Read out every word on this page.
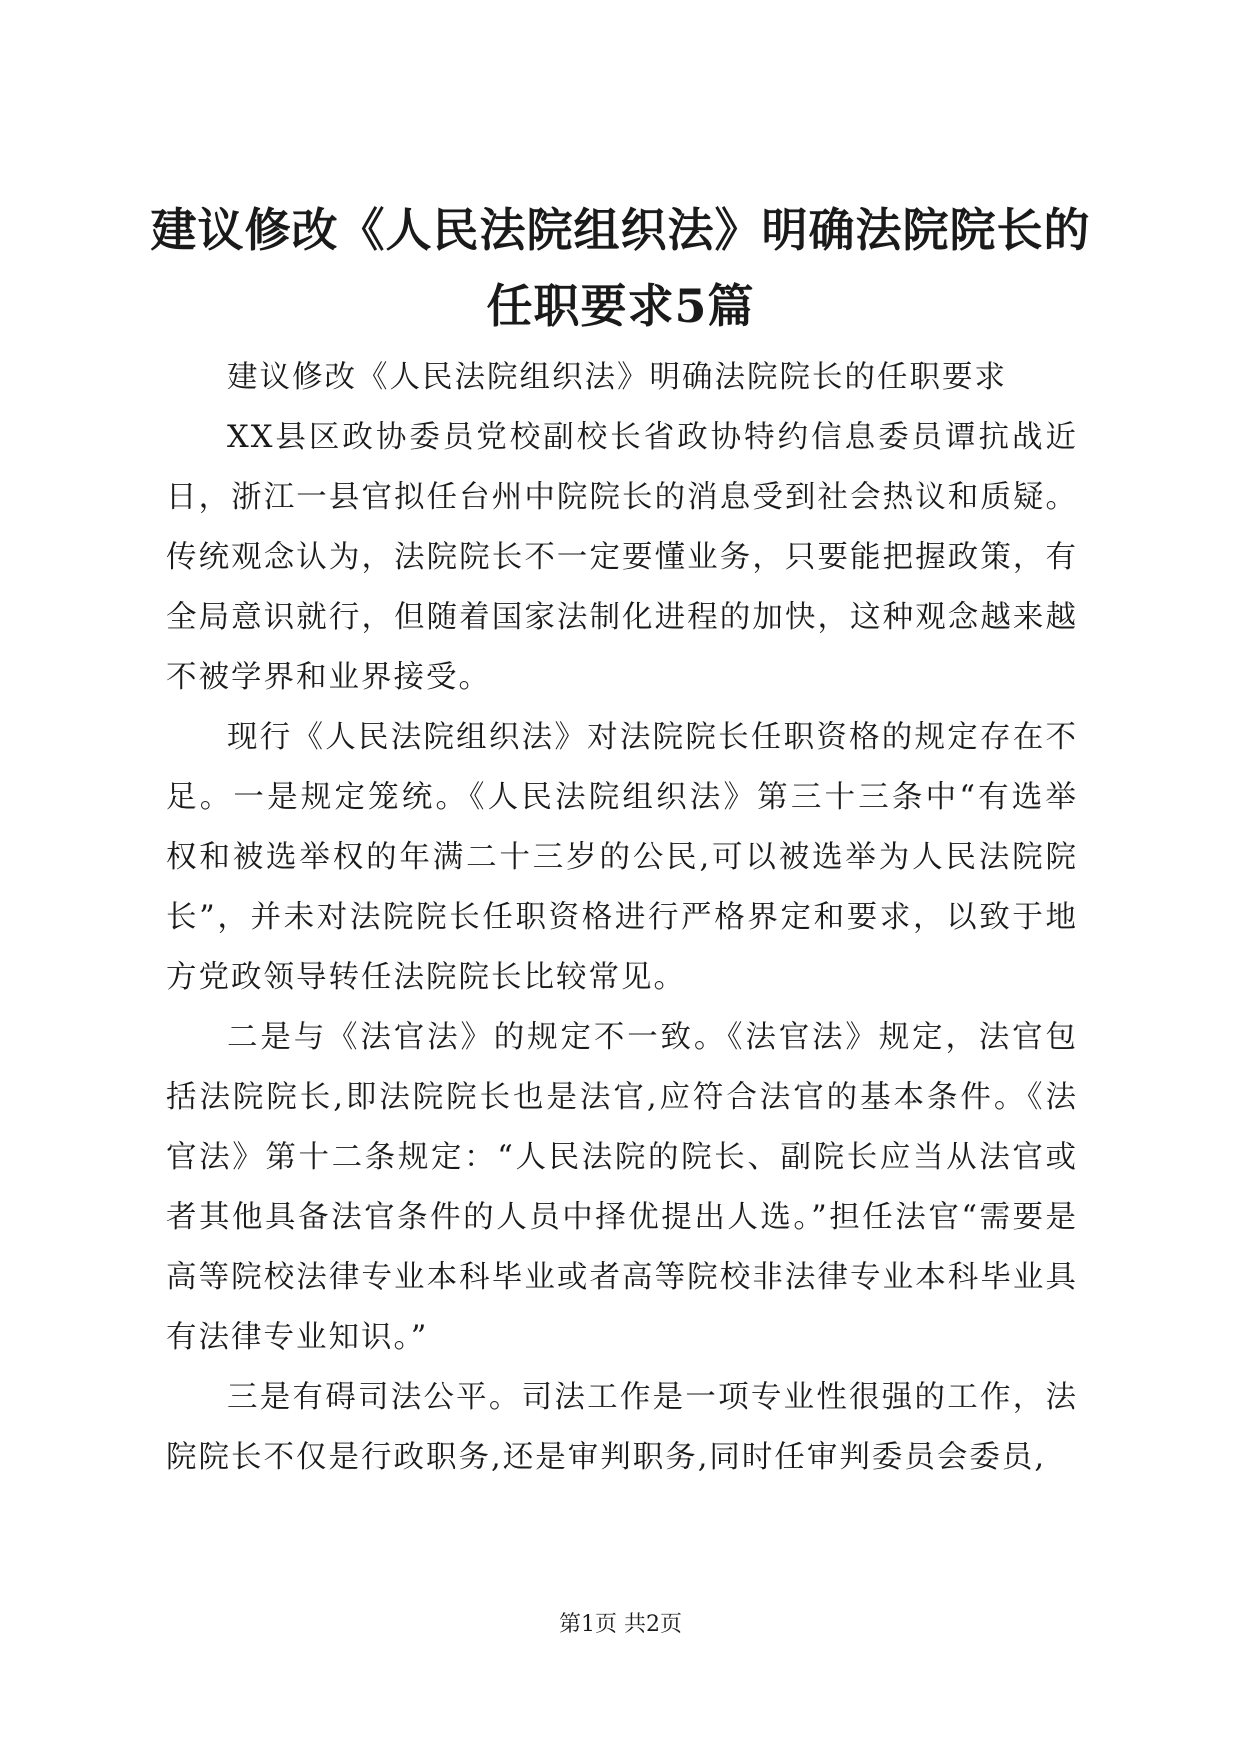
建议修改《人民法院组织法》明确法院院长的
任职要求5篇

建议修改《人民法院组织法》明确法院院长的任职要求

XX县区政协委员党校副校长省政协特约信息委员谭抗战近日，浙江一县官拟任台州中院院长的消息受到社会热议和质疑。传统观念认为，法院院长不一定要懂业务，只要能把握政策，有全局意识就行，但随着国家法制化进程的加快，这种观念越来越不被学界和业界接受。

现行《人民法院组织法》对法院院长任职资格的规定存在不足。一是规定笼统。《人民法院组织法》第三十三条中“有选举权和被选举权的年满二十三岁的公民,可以被选举为人民法院院长”，并未对法院院长任职资格进行严格界定和要求，以致于地方党政领导转任法院院长比较常见。

二是与《法官法》的规定不一致。《法官法》规定，法官包括法院院长,即法院院长也是法官,应符合法官的基本条件。《法官法》第十二条规定：“人民法院的院长、副院长应当从法官或者其他具备法官条件的人员中择优提出人选。”担任法官“需要是高等院校法律专业本科毕业或者高等院校非法律专业本科毕业具有法律专业知识。”

三是有碍司法公平。司法工作是一项专业性很强的工作，法院院长不仅是行政职务,还是审判职务,同时任审判委员会委员,

第1页 共2页
